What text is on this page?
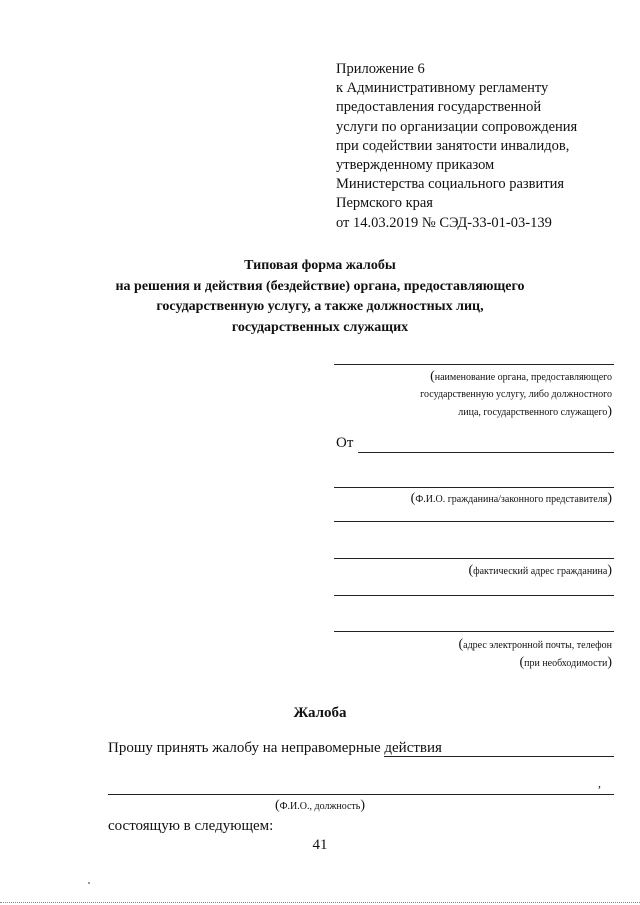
Приложение 6
к Административному регламенту
предоставления государственной
услуги по организации сопровождения
при содействии занятости инвалидов,
утвержденному приказом
Министерства социального развития
Пермского края
от 14.03.2019 № СЭД-33-01-03-139
Типовая форма жалобы
на решения и действия (бездействие) органа, предоставляющего
государственную услугу, а также должностных лиц,
государственных служащих
(наименование органа, предоставляющего
государственную услугу, либо должностного
лица, государственного служащего)
От
(Ф.И.О. гражданина/законного представителя)
(фактический адрес гражданина)
(адрес электронной почты, телефон
(при необходимости)
Жалоба
Прошу принять жалобу на неправомерные действия
,
(Ф.И.О., должность)
состоящую в следующем:
41
